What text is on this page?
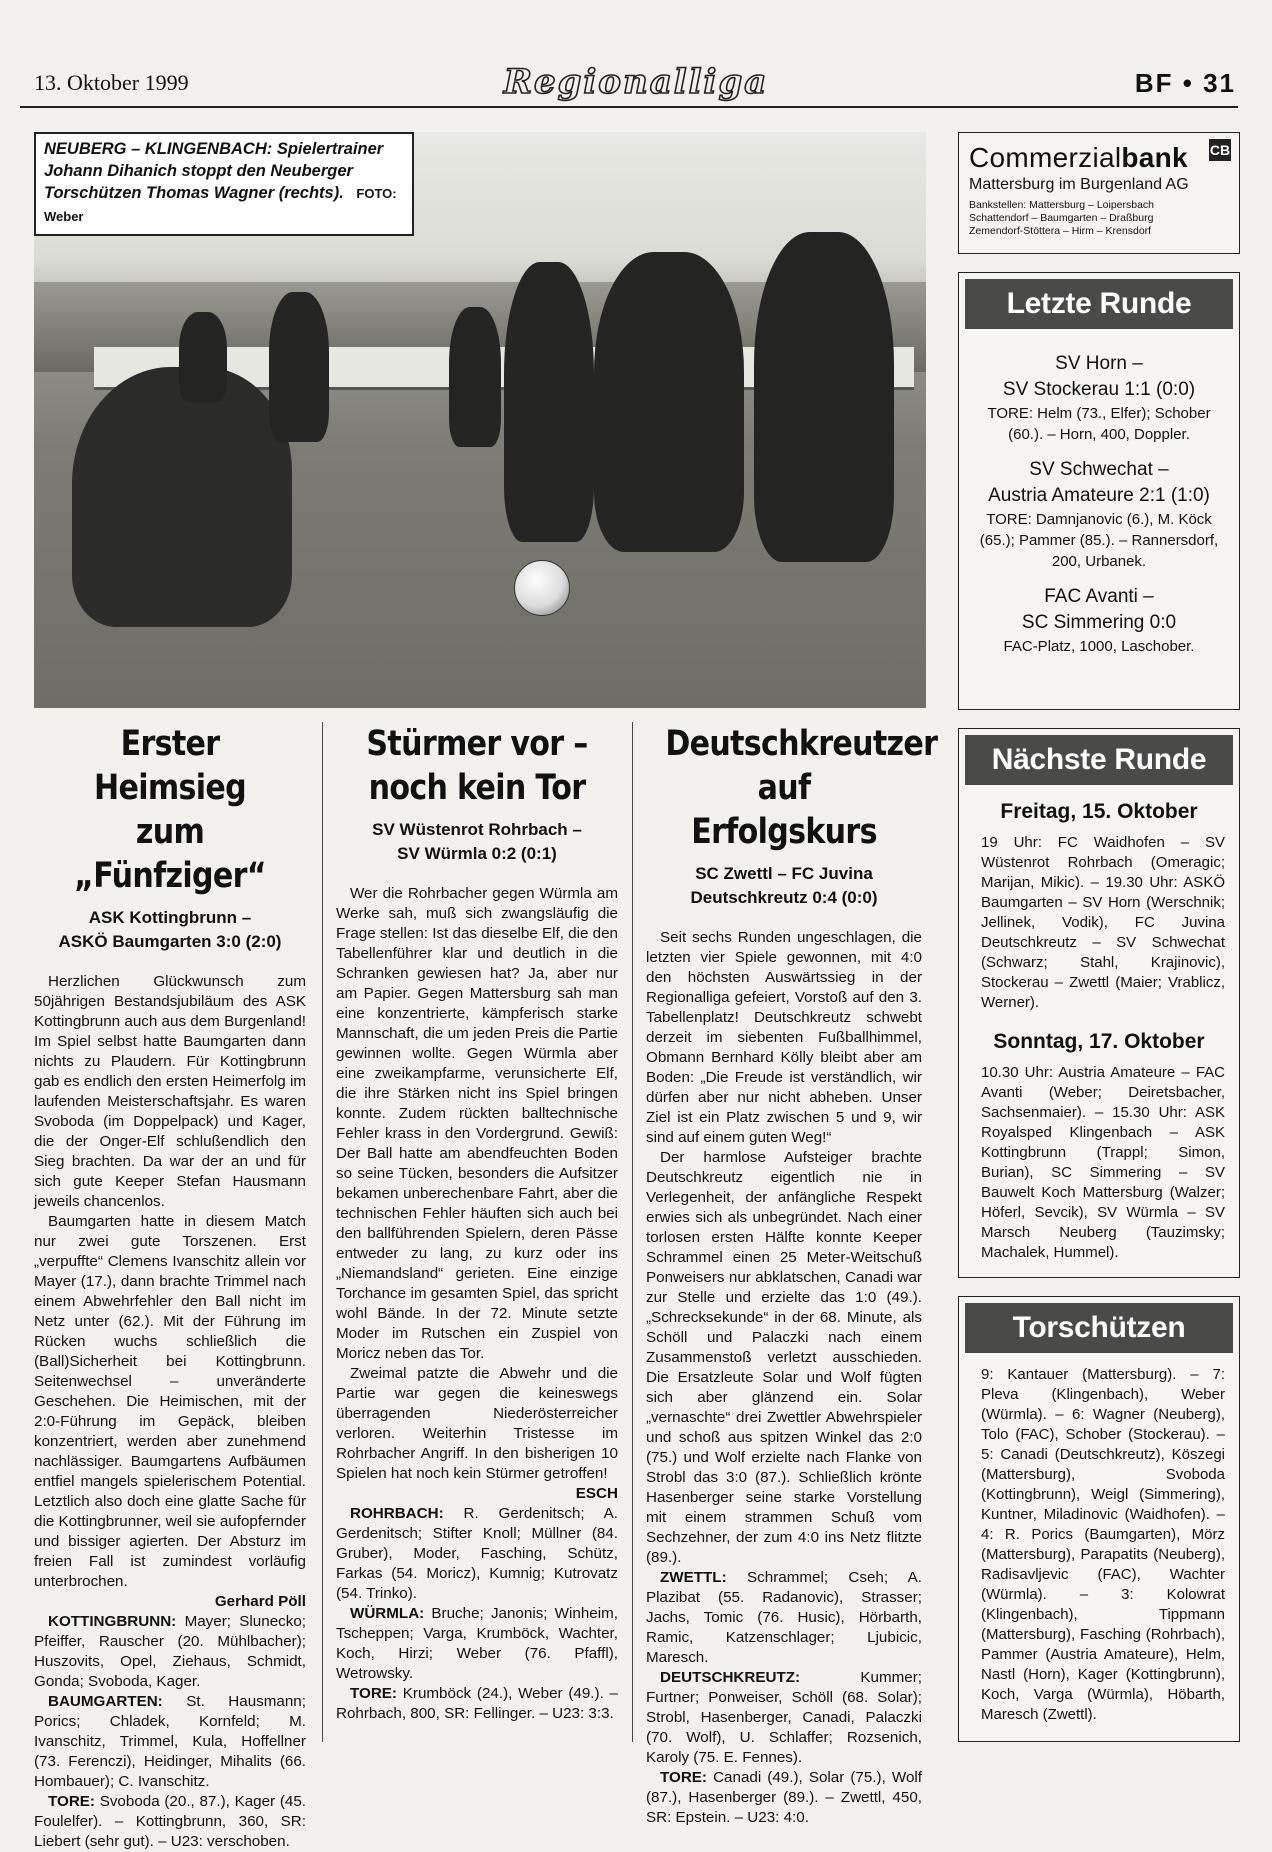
13. Oktober 1999	Regionalliga	BF • 31
NEUBERG – KLINGENBACH: Spielertrainer Johann Dihanich stoppt den Neuberger Torschützen Thomas Wagner (rechts). FOTO: Weber
Erster Heimsieg
zum „Fünfziger“
ASK Kottingbrunn –
ASKÖ Baumgarten 3:0 (2:0)

Herzlichen Glückwunsch zum 50jährigen Bestandsjubiläum des ASK Kottingbrunn auch aus dem Burgenland! Im Spiel selbst hatte Baumgarten dann nichts zu Plaudern. Für Kottingbrunn gab es endlich den ersten Heimerfolg im laufenden Meisterschaftsjahr. Es waren Svoboda (im Doppelpack) und Kager, die der Onger-Elf schlußendlich den Sieg brachten. Da war der an und für sich gute Keeper Stefan Hausmann jeweils chancenlos.

Baumgarten hatte in diesem Match nur zwei gute Torszenen. Erst „verpuffte“ Clemens Ivanschitz allein vor Mayer (17.), dann brachte Trimmel nach einem Abwehrfehler den Ball nicht im Netz unter (62.). Mit der Führung im Rücken wuchs schließlich die (Ball)Sicherheit bei Kottingbrunn. Seitenwechsel – unveränderte Geschehen. Die Heimischen, mit der 2:0-Führung im Gepäck, bleiben konzentriert, werden aber zunehmend nachlässiger. Baumgartens Aufbäumen entfiel mangels spielerischem Potential. Letztlich also doch eine glatte Sache für die Kottingbrunner, weil sie aufopfernder und bissiger agierten. Der Absturz im freien Fall ist zumindest vorläufig unterbrochen.

Gerhard Pöll

KOTTINGBRUNN: Mayer; Slunecko; Pfeiffer, Rauscher (20. Mühlbacher); Huszovits, Opel, Ziehaus, Schmidt, Gonda; Svoboda, Kager.

BAUMGARTEN: St. Hausmann; Porics; Chladek, Kornfeld; M. Ivanschitz, Trimmel, Kula, Hoffellner (73. Ferenczi), Heidinger, Mihalits (66. Hombauer); C. Ivanschitz.

TORE: Svoboda (20., 87.), Kager (45. Foulelfer). – Kottingbrunn, 360, SR: Liebert (sehr gut). – U23: verschoben.

Stürmer vor –
noch kein Tor
SV Wüstenrot Rohrbach –
SV Würmla 0:2 (0:1)

Wer die Rohrbacher gegen Würmla am Werke sah, muß sich zwangsläufig die Frage stellen: Ist das dieselbe Elf, die den Tabellenführer klar und deutlich in die Schranken gewiesen hat? Ja, aber nur am Papier. Gegen Mattersburg sah man eine konzentrierte, kämpferisch starke Mannschaft, die um jeden Preis die Partie gewinnen wollte. Gegen Würmla aber eine zweikampfarme, verunsicherte Elf, die ihre Stärken nicht ins Spiel bringen konnte. Zudem rückten balltechnische Fehler krass in den Vordergrund. Gewiß: Der Ball hatte am abendfeuchten Boden so seine Tücken, besonders die Aufsitzer bekamen unberechenbare Fahrt, aber die technischen Fehler häuften sich auch bei den ballführenden Spielern, deren Pässe entweder zu lang, zu kurz oder ins „Niemandsland“ gerieten. Eine einzige Torchance im gesamten Spiel, das spricht wohl Bände. In der 72. Minute setzte Moder im Rutschen ein Zuspiel von Moricz neben das Tor.

Zweimal patzte die Abwehr und die Partie war gegen die keineswegs überragenden Niederösterreicher verloren. Weiterhin Tristesse im Rohrbacher Angriff. In den bisherigen 10 Spielen hat noch kein Stürmer getroffen!

ESCH

ROHRBACH: R. Gerdenitsch; A. Gerdenitsch; Stifter Knoll; Müllner (84. Gruber), Moder, Fasching, Schütz, Farkas (54. Moricz), Kumnig; Kutrovatz (54. Trinko).

WÜRMLA: Bruche; Janonis; Winheim, Tscheppen; Varga, Krumböck, Wachter, Koch, Hirzi; Weber (76. Pfaffl), Wetrowsky.

TORE: Krumböck (24.), Weber (49.). – Rohrbach, 800, SR: Fellinger. – U23: 3:3.

Deutschkreutzer
auf Erfolgskurs
SC Zwettl – FC Juvina
Deutschkreutz 0:4 (0:0)

Seit sechs Runden ungeschlagen, die letzten vier Spiele gewonnen, mit 4:0 den höchsten Auswärtssieg in der Regionalliga gefeiert, Vorstoß auf den 3. Tabellenplatz! Deutschkreutz schwebt derzeit im siebenten Fußballhimmel, Obmann Bernhard Kölly bleibt aber am Boden: „Die Freude ist verständlich, wir dürfen aber nur nicht abheben. Unser Ziel ist ein Platz zwischen 5 und 9, wir sind auf einem guten Weg!“

Der harmlose Aufsteiger brachte Deutschkreutz eigentlich nie in Verlegenheit, der anfängliche Respekt erwies sich als unbegründet. Nach einer torlosen ersten Hälfte konnte Keeper Schrammel einen 25 Meter-Weitschuß Ponweisers nur abklatschen, Canadi war zur Stelle und erzielte das 1:0 (49.). „Schrecksekunde“ in der 68. Minute, als Schöll und Palaczki nach einem Zusammenstoß verletzt ausschieden. Die Ersatzleute Solar und Wolf fügten sich aber glänzend ein. Solar „vernaschte“ drei Zwettler Abwehrspieler und schoß aus spitzen Winkel das 2:0 (75.) und Wolf erzielte nach Flanke von Strobl das 3:0 (87.). Schließlich krönte Hasenberger seine starke Vorstellung mit einem strammen Schuß vom Sechzehner, der zum 4:0 ins Netz flitzte (89.).

ZWETTL: Schrammel; Cseh; A. Plazibat (55. Radanovic), Strasser; Jachs, Tomic (76. Husic), Hörbarth, Ramic, Katzenschlager; Ljubicic, Maresch.

DEUTSCHKREUTZ:	Kummer; Furtner; Ponweiser, Schöll (68. Solar); Strobl, Hasenberger, Canadi, Palaczki (70. Wolf), U. Schlaffer; Rozsenich, Karoly (75. E. Fennes).

TORE: Canadi (49.), Solar (75.), Wolf (87.), Hasenberger (89.). – Zwettl, 450, SR: Epstein. – U23: 4:0.

CB
Commerzialbank
Mattersburg im Burgenland AG
Bankstellen: Mattersburg – Loipersbach
Schattendorf – Baumgarten – Draßburg
Zemendorf-Stöttera – Hirm – Krensdorf
Letzte Runde
SV Horn –
SV Stockerau 1:1 (0:0)
TORE: Helm (73., Elfer); Schober (60.). – Horn, 400, Doppler.
SV Schwechat –
Austria Amateure 2:1 (1:0)
TORE: Damnjanovic (6.), M. Köck (65.); Pammer (85.). – Rannersdorf, 200, Urbanek.
FAC Avanti –
SC Simmering 0:0
FAC-Platz, 1000, Laschober.
Nächste Runde
Freitag, 15. Oktober
19 Uhr: FC Waidhofen – SV Wüstenrot Rohrbach (Omeragic; Marijan, Mikic). – 19.30 Uhr: ASKÖ Baumgarten – SV Horn (Werschnik; Jellinek, Vodik), FC Juvina Deutschkreutz – SV Schwechat (Schwarz; Stahl, Krajinovic), Stockerau – Zwettl (Maier; Vrablicz, Werner).
Sonntag, 17. Oktober
10.30 Uhr: Austria Amateure – FAC Avanti (Weber; Deiretsbacher, Sachsenmaier). – 15.30 Uhr: ASK Royalsped Klingenbach – ASK Kottingbrunn (Trappl; Simon, Burian), SC Simmering – SV Bauwelt Koch Mattersburg (Walzer; Höferl, Sevcik), SV Würmla – SV Marsch Neuberg (Tauzimsky; Machalek, Hummel).
Torschützen
9: Kantauer (Mattersburg). – 7: Pleva (Klingenbach), Weber (Würmla). – 6: Wagner (Neuberg), Tolo (FAC), Schober (Stockerau). – 5: Canadi (Deutschkreutz), Köszegi (Mattersburg), Svoboda (Kottingbrunn), Weigl (Simmering), Kuntner, Miladinovic (Waidhofen). – 4: R. Porics (Baumgarten), Mörz (Mattersburg), Parapatits (Neuberg), Radisavljevic (FAC), Wachter (Würmla). – 3: Kolowrat (Klingenbach), Tippmann (Mattersburg), Fasching (Rohrbach), Pammer (Austria Amateure), Helm, Nastl (Horn), Kager (Kottingbrunn), Koch, Varga (Würmla), Höbarth, Maresch (Zwettl).
